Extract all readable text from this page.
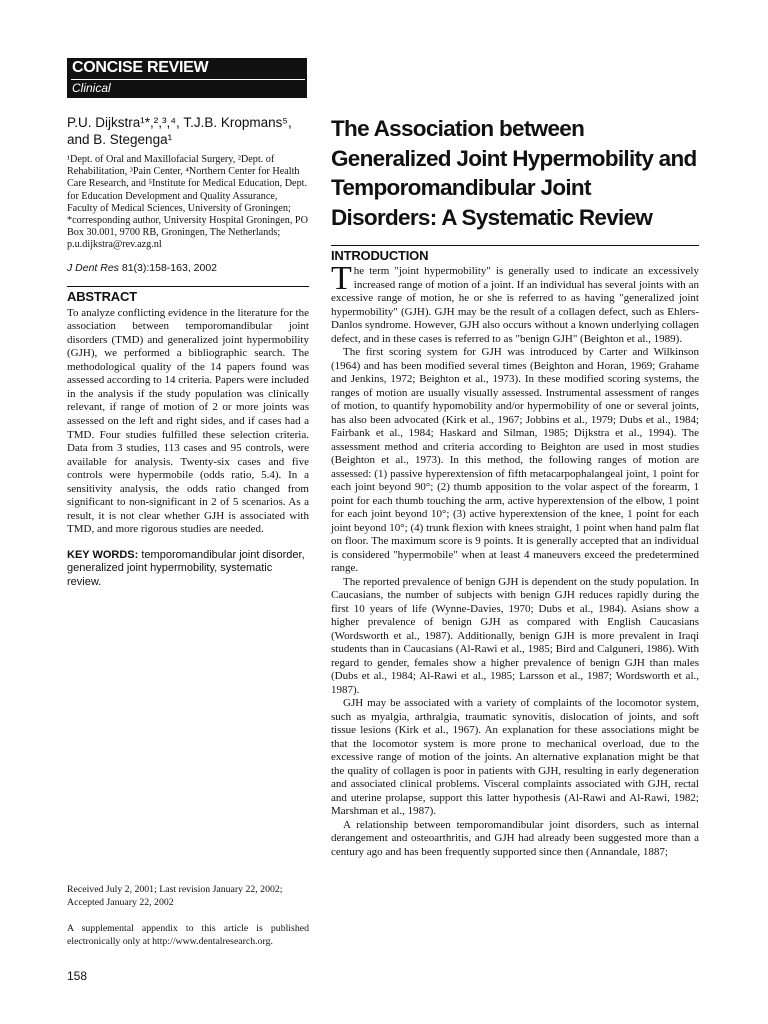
CONCISE REVIEW
Clinical
P.U. Dijkstra¹*,²,³,⁴, T.J.B. Kropmans⁵, and B. Stegenga¹
¹Dept. of Oral and Maxillofacial Surgery, ²Dept. of Rehabilitation, ³Pain Center, ⁴Northern Center for Health Care Research, and ⁵Institute for Medical Education, Dept. for Education Development and Quality Assurance, Faculty of Medical Sciences, University of Groningen; *corresponding author, University Hospital Groningen, PO Box 30.001, 9700 RB, Groningen, The Netherlands; p.u.dijkstra@rev.azg.nl
J Dent Res 81(3):158-163, 2002
ABSTRACT
To analyze conflicting evidence in the literature for the association between temporomandibular joint disorders (TMD) and generalized joint hypermobility (GJH), we performed a bibliographic search. The methodological quality of the 14 papers found was assessed according to 14 criteria. Papers were included in the analysis if the study population was clinically relevant, if range of motion of 2 or more joints was assessed on the left and right sides, and if cases had a TMD. Four studies fulfilled these selection criteria. Data from 3 studies, 113 cases and 95 controls, were available for analysis. Twenty-six cases and five controls were hypermobile (odds ratio, 5.4). In a sensitivity analysis, the odds ratio changed from significant to non-significant in 2 of 5 scenarios. As a result, it is not clear whether GJH is associated with TMD, and more rigorous studies are needed.
KEY WORDS: temporomandibular joint disorder, generalized joint hypermobility, systematic review.
Received July 2, 2001; Last revision January 22, 2002; Accepted January 22, 2002
A supplemental appendix to this article is published electronically only at http://www.dentalresearch.org.
158
The Association between Generalized Joint Hypermobility and Temporomandibular Joint Disorders: A Systematic Review
INTRODUCTION

The term "joint hypermobility" is generally used to indicate an excessively increased range of motion of a joint. If an individual has several joints with an excessive range of motion, he or she is referred to as having "generalized joint hypermobility" (GJH). GJH may be the result of a collagen defect, such as Ehlers-Danlos syndrome. However, GJH also occurs without a known underlying collagen defect, and in these cases is referred to as "benign GJH" (Beighton et al., 1989).

The first scoring system for GJH was introduced by Carter and Wilkinson (1964) and has been modified several times (Beighton and Horan, 1969; Grahame and Jenkins, 1972; Beighton et al., 1973). In these modified scoring systems, the ranges of motion are usually visually assessed. Instrumental assessment of ranges of motion, to quantify hypomobility and/or hypermobility of one or several joints, has also been advocated (Kirk et al., 1967; Jobbins et al., 1979; Dubs et al., 1984; Fairbank et al., 1984; Haskard and Silman, 1985; Dijkstra et al., 1994). The assessment method and criteria according to Beighton are used in most studies (Beighton et al., 1973). In this method, the following ranges of motion are assessed: (1) passive hyperextension of fifth metacarpophalangeal joint, 1 point for each joint beyond 90°; (2) thumb apposition to the volar aspect of the forearm, 1 point for each thumb touching the arm, active hyperextension of the elbow, 1 point for each joint beyond 10°; (3) active hyperextension of the knee, 1 point for each joint beyond 10°; (4) trunk flexion with knees straight, 1 point when hand palm flat on floor. The maximum score is 9 points. It is generally accepted that an individual is considered "hypermobile" when at least 4 maneuvers exceed the predetermined range.

The reported prevalence of benign GJH is dependent on the study population. In Caucasians, the number of subjects with benign GJH reduces rapidly during the first 10 years of life (Wynne-Davies, 1970; Dubs et al., 1984). Asians show a higher prevalence of benign GJH as compared with English Caucasians (Wordsworth et al., 1987). Additionally, benign GJH is more prevalent in Iraqi students than in Caucasians (Al-Rawi et al., 1985; Bird and Calguneri, 1986). With regard to gender, females show a higher prevalence of benign GJH than males (Dubs et al., 1984; Al-Rawi et al., 1985; Larsson et al., 1987; Wordsworth et al., 1987).

GJH may be associated with a variety of complaints of the locomotor system, such as myalgia, arthralgia, traumatic synovitis, dislocation of joints, and soft tissue lesions (Kirk et al., 1967). An explanation for these associations might be that the locomotor system is more prone to mechanical overload, due to the excessive range of motion of the joints. An alternative explanation might be that the quality of collagen is poor in patients with GJH, resulting in early degeneration and associated clinical problems. Visceral complaints associated with GJH, rectal and uterine prolapse, support this latter hypothesis (Al-Rawi and Al-Rawi, 1982; Marshman et al., 1987).

A relationship between temporomandibular joint disorders, such as internal derangement and osteoarthritis, and GJH had already been suggested more than a century ago and has been frequently supported since then (Annandale, 1887;
